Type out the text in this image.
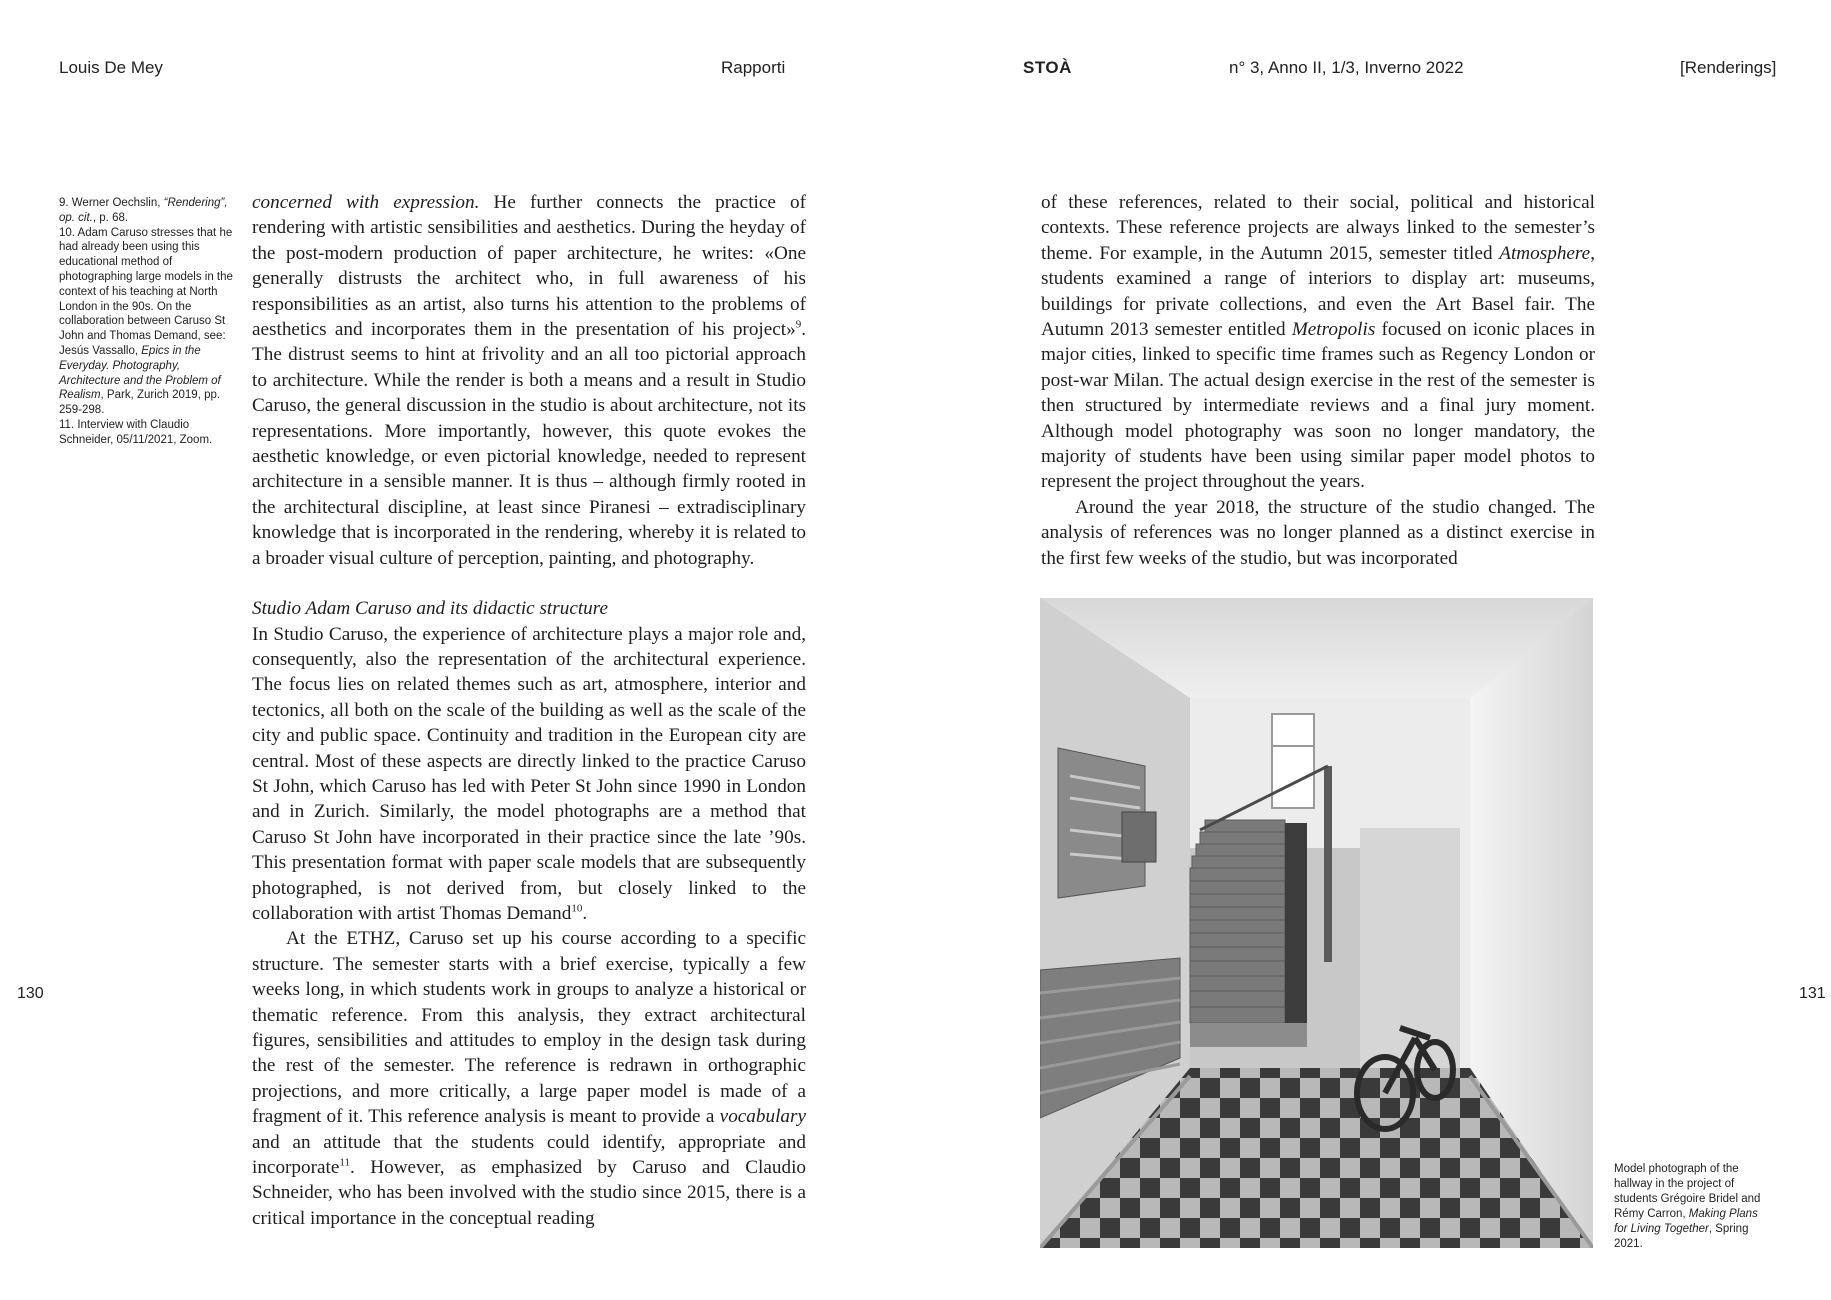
Louis De Mey	Rapporti	STOÀ	n° 3, Anno II, 1/3, Inverno 2022	[Renderings]
130	131
9. Werner Oechslin, “Rendering”, op. cit., p. 68.
10. Adam Caruso stresses that he had already been using this educational method of photographing large models in the context of his teaching at North London in the 90s. On the collaboration between Caruso St John and Thomas Demand, see: Jesús Vassallo, Epics in the Everyday. Photography, Architecture and the Problem of Realism, Park, Zurich 2019, pp. 259-298.
11. Interview with Claudio Schneider, 05/11/2021, Zoom.

concerned with expression. He further connects the practice of rendering with artistic sensibilities and aesthetics. During the heyday of the post-modern production of paper architecture, he writes: «One generally distrusts the architect who, in full awareness of his responsibilities as an artist, also turns his attention to the problems of aesthetics and incorporates them in the presentation of his project»$^9$. The distrust seems to hint at frivolity and an all too pictorial approach to architecture. While the render is both a means and a result in Studio Caruso, the general discussion in the studio is about architecture, not its representations. More importantly, however, this quote evokes the aesthetic knowledge, or even pictorial knowledge, needed to represent architecture in a sensible manner. It is thus – although firmly rooted in the architectural discipline, at least since Piranesi – extradisciplinary knowledge that is incorporated in the rendering, whereby it is related to a broader visual culture of perception, painting, and photography.

Studio Adam Caruso and its didactic structure

In Studio Caruso, the experience of architecture plays a major role and, consequently, also the representation of the architectural experience. The focus lies on related themes such as art, atmosphere, interior and tectonics, all both on the scale of the building as well as the scale of the city and public space. Continuity and tradition in the European city are central. Most of these aspects are directly linked to the practice Caruso St John, which Caruso has led with Peter St John since 1990 in London and in Zurich. Similarly, the model photographs are a method that Caruso St John have incorporated in their practice since the late ’90s. This presentation format with paper scale models that are subsequently photographed, is not derived from, but closely linked to the collaboration with artist Thomas Demand$^{10}$.

At the ETHZ, Caruso set up his course according to a specific structure. The semester starts with a brief exercise, typically a few weeks long, in which students work in groups to analyze a historical or thematic reference. From this analysis, they extract architectural figures, sensibilities and attitudes to employ in the design task during the rest of the semester. The reference is redrawn in orthographic projections, and more critically, a large paper model is made of a fragment of it. This reference analysis is meant to provide a vocabulary and an attitude that the students could identify, appropriate and incorporate$^{11}$. However, as emphasized by Caruso and Claudio Schneider, who has been involved with the studio since 2015, there is a critical importance in the conceptual reading

of these references, related to their social, political and historical contexts. These reference projects are always linked to the semester’s theme. For example, in the Autumn 2015, semester titled Atmosphere, students examined a range of interiors to display art: museums, buildings for private collections, and even the Art Basel fair. The Autumn 2013 semester entitled Metropolis focused on iconic places in major cities, linked to specific time frames such as Regency London or post-war Milan. The actual design exercise in the rest of the semester is then structured by intermediate reviews and a final jury moment. Although model photography was soon no longer mandatory, the majority of students have been using similar paper model photos to represent the project throughout the years.

Around the year 2018, the structure of the studio changed. The analysis of references was no longer planned as a distinct exercise in the first few weeks of the studio, but was incorporated

Model photograph of the hallway in the project of students Grégoire Bridel and Rémy Carron, Making Plans for Living Together, Spring 2021.
